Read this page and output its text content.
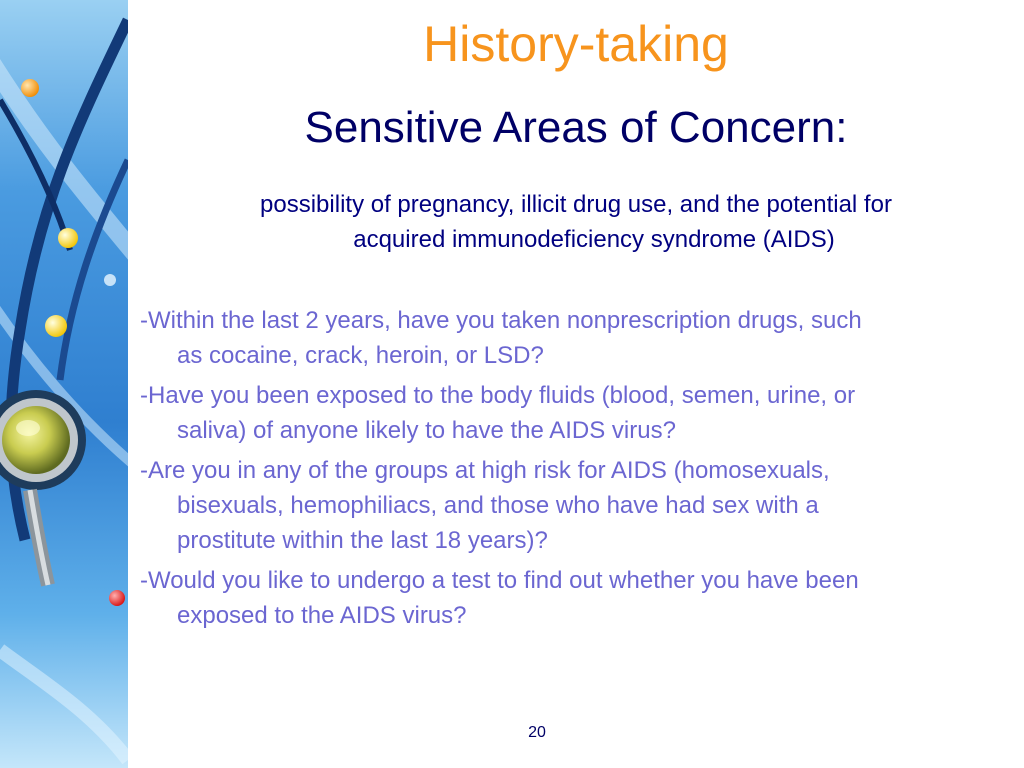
History-taking
Sensitive Areas of Concern:
possibility of pregnancy, illicit drug use, and the potential for
acquired immunodeficiency syndrome (AIDS)
-Within the last 2 years, have you taken nonprescription drugs, such
as cocaine, crack, heroin, or LSD?
-Have you been exposed to the body fluids (blood, semen, urine, or
saliva) of anyone likely to have the AIDS virus?
-Are you in any of the groups at high risk for AIDS (homosexuals,
bisexuals, hemophiliacs, and those who have had sex with a
prostitute within the last 18 years)?
-Would you like to undergo a test to find out whether you have been
exposed to the AIDS virus?
20
